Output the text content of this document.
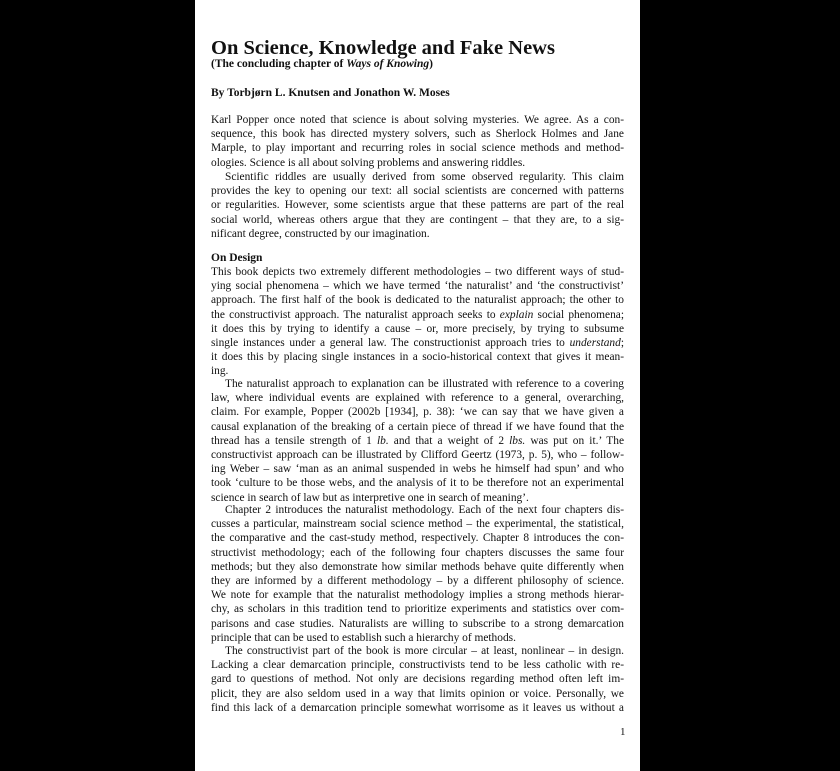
On Science, Knowledge and Fake News
(The concluding chapter of Ways of Knowing)
By Torbjørn L. Knutsen and Jonathon W. Moses
Karl Popper once noted that science is about solving mysteries. We agree. As a con-
sequence, this book has directed mystery solvers, such as Sherlock Holmes and Jane
Marple, to play important and recurring roles in social science methods and method-
ologies. Science is all about solving problems and answering riddles.
Scientific riddles are usually derived from some observed regularity. This claim
provides the key to opening our text: all social scientists are concerned with patterns
or regularities. However, some scientists argue that these patterns are part of the real
social world, whereas others argue that they are contingent – that they are, to a sig-
nificant degree, constructed by our imagination.
On Design
This book depicts two extremely different methodologies – two different ways of stud-
ying social phenomena – which we have termed ‘the naturalist’ and ‘the constructivist’
approach. The first half of the book is dedicated to the naturalist approach; the other to
the constructivist approach. The naturalist approach seeks to explain social phenomena;
it does this by trying to identify a cause – or, more precisely, by trying to subsume
single instances under a general law. The constructionist approach tries to understand;
it does this by placing single instances in a socio-historical context that gives it mean-
ing.
The naturalist approach to explanation can be illustrated with reference to a covering
law, where individual events are explained with reference to a general, overarching,
claim. For example, Popper (2002b [1934], p. 38): ‘we can say that we have given a
causal explanation of the breaking of a certain piece of thread if we have found that the
thread has a tensile strength of 1 lb. and that a weight of 2 lbs. was put on it.’ The
constructivist approach can be illustrated by Clifford Geertz (1973, p. 5), who – follow-
ing Weber – saw ‘man as an animal suspended in webs he himself had spun’ and who
took ‘culture to be those webs, and the analysis of it to be therefore not an experimental
science in search of law but as interpretive one in search of meaning’.
Chapter 2 introduces the naturalist methodology. Each of the next four chapters dis-
cusses a particular, mainstream social science method – the experimental, the statistical,
the comparative and the cast-study method, respectively. Chapter 8 introduces the con-
structivist methodology; each of the following four chapters discusses the same four
methods; but they also demonstrate how similar methods behave quite differently when
they are informed by a different methodology – by a different philosophy of science.
We note for example that the naturalist methodology implies a strong methods hierar-
chy, as scholars in this tradition tend to prioritize experiments and statistics over com-
parisons and case studies. Naturalists are willing to subscribe to a strong demarcation
principle that can be used to establish such a hierarchy of methods.
The constructivist part of the book is more circular – at least, nonlinear – in design.
Lacking a clear demarcation principle, constructivists tend to be less catholic with re-
gard to questions of method. Not only are decisions regarding method often left im-
plicit, they are also seldom used in a way that limits opinion or voice. Personally, we
find this lack of a demarcation principle somewhat worrisome as it leaves us without a
1
